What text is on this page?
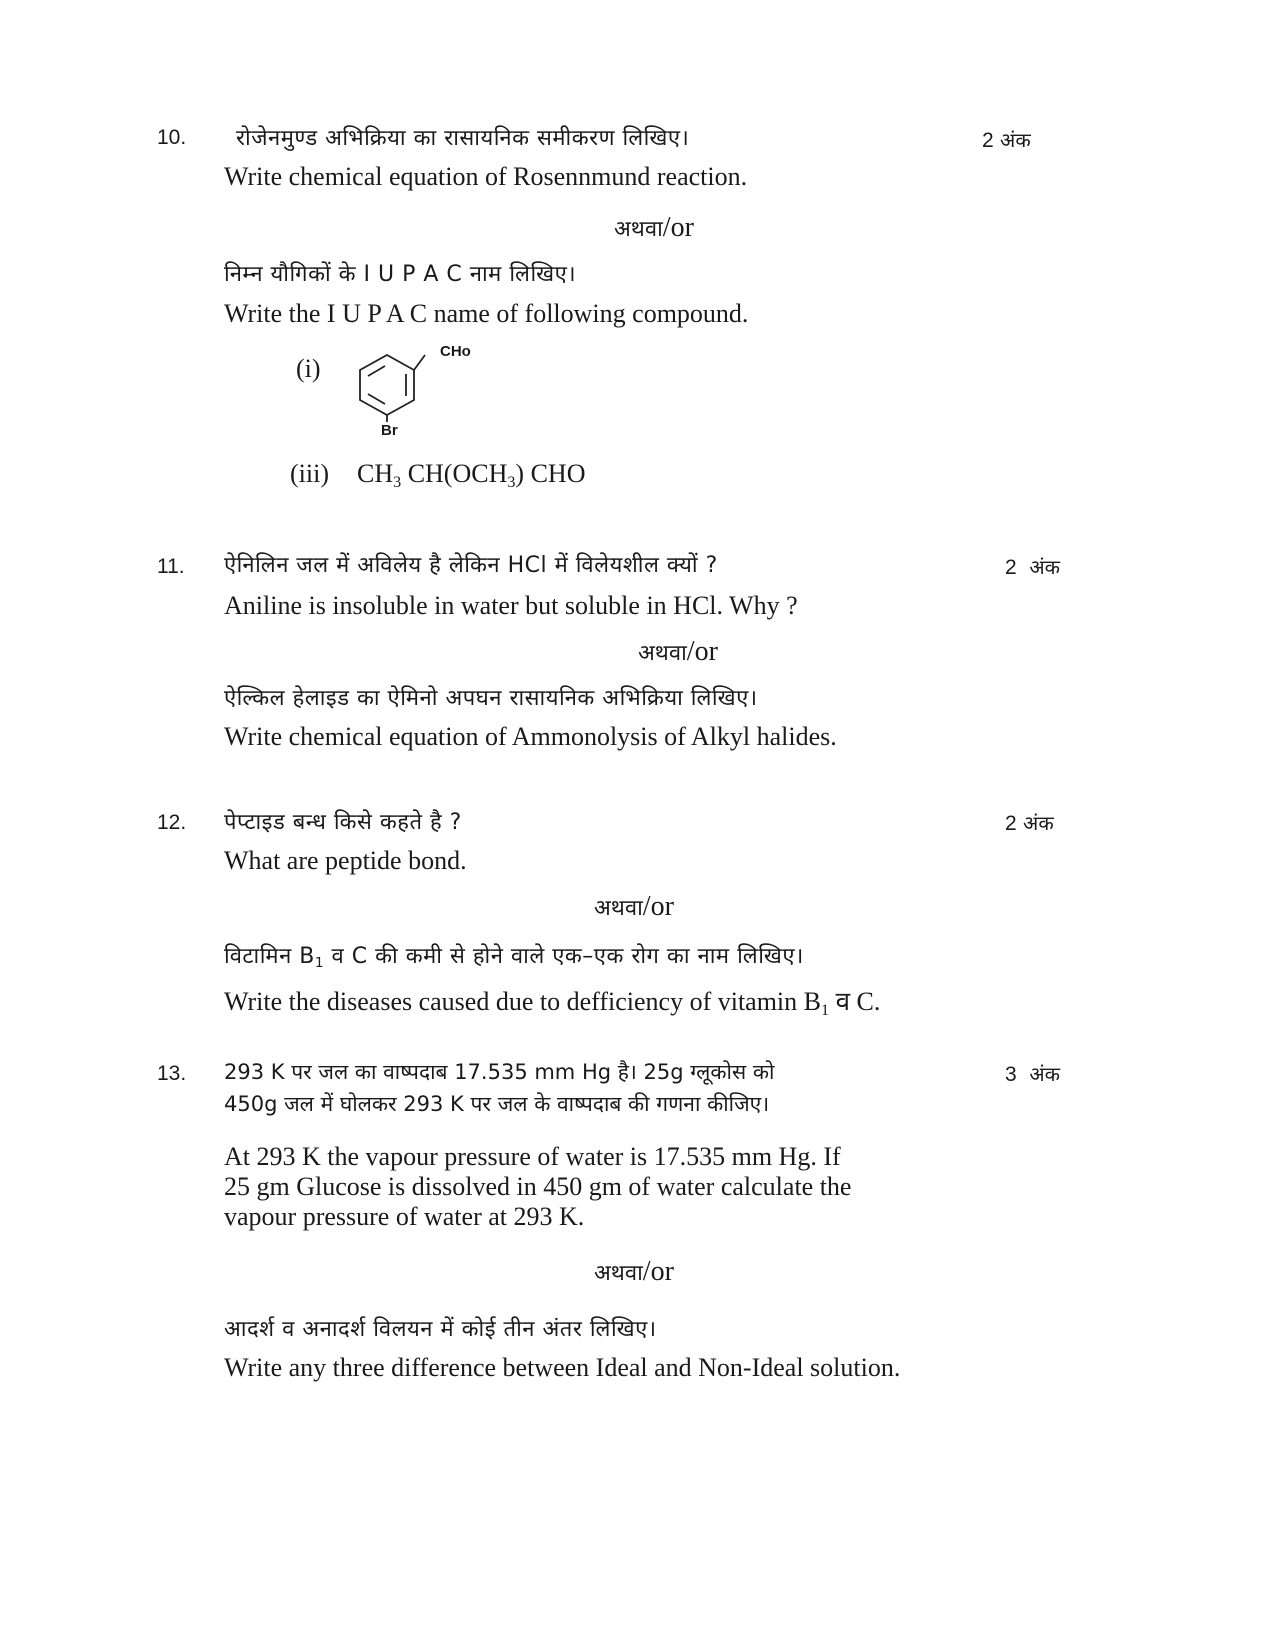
10. रोजेनमुण्ड अभिक्रिया का रासायनिक समीकरण लिखिए।	2 अंक
Write chemical equation of Rosennmund reaction.
अथवा/or
निम्न यौगिकों के I U P A C नाम लिखिए।
Write the I U P A C name of following compound.
(i)
CHo
Br
(iii) $CH_3$ $CH(OCH_3)$ CHO
11. ऐनिलिन जल में अविलेय है लेकिन HCl में विलेयशील क्यों ?	2 अंक
Aniline is insoluble in water but soluble in HCl. Why ?
अथवा/or
ऐल्किल हेलाइड का ऐमिनो अपघन रासायनिक अभिक्रिया लिखिए।
Write chemical equation of Ammonolysis of Alkyl halides.
12. पेप्टाइड बन्ध किसे कहते है ?	2 अंक
What are peptide bond.
अथवा/or
विटामिन $B_1$ व C की कमी से होने वाले एक–एक रोग का नाम लिखिए।
Write the diseases caused due to defficiency of vitamin $B_1$ व C.
13. 293 K पर जल का वाष्पदाब 17.535 mm Hg है। 25g ग्लूकोस को
450g जल में घोलकर 293 K पर जल के वाष्पदाब की गणना कीजिए।
3 अंक
At 293 K the vapour pressure of water is 17.535 mm Hg. If
25 gm Glucose is dissolved in 450 gm of water calculate the
vapour pressure of water at 293 K.
अथवा/or
आदर्श व अनादर्श विलयन में कोई तीन अंतर लिखिए।
Write any three difference between Ideal and Non-Ideal solution.
